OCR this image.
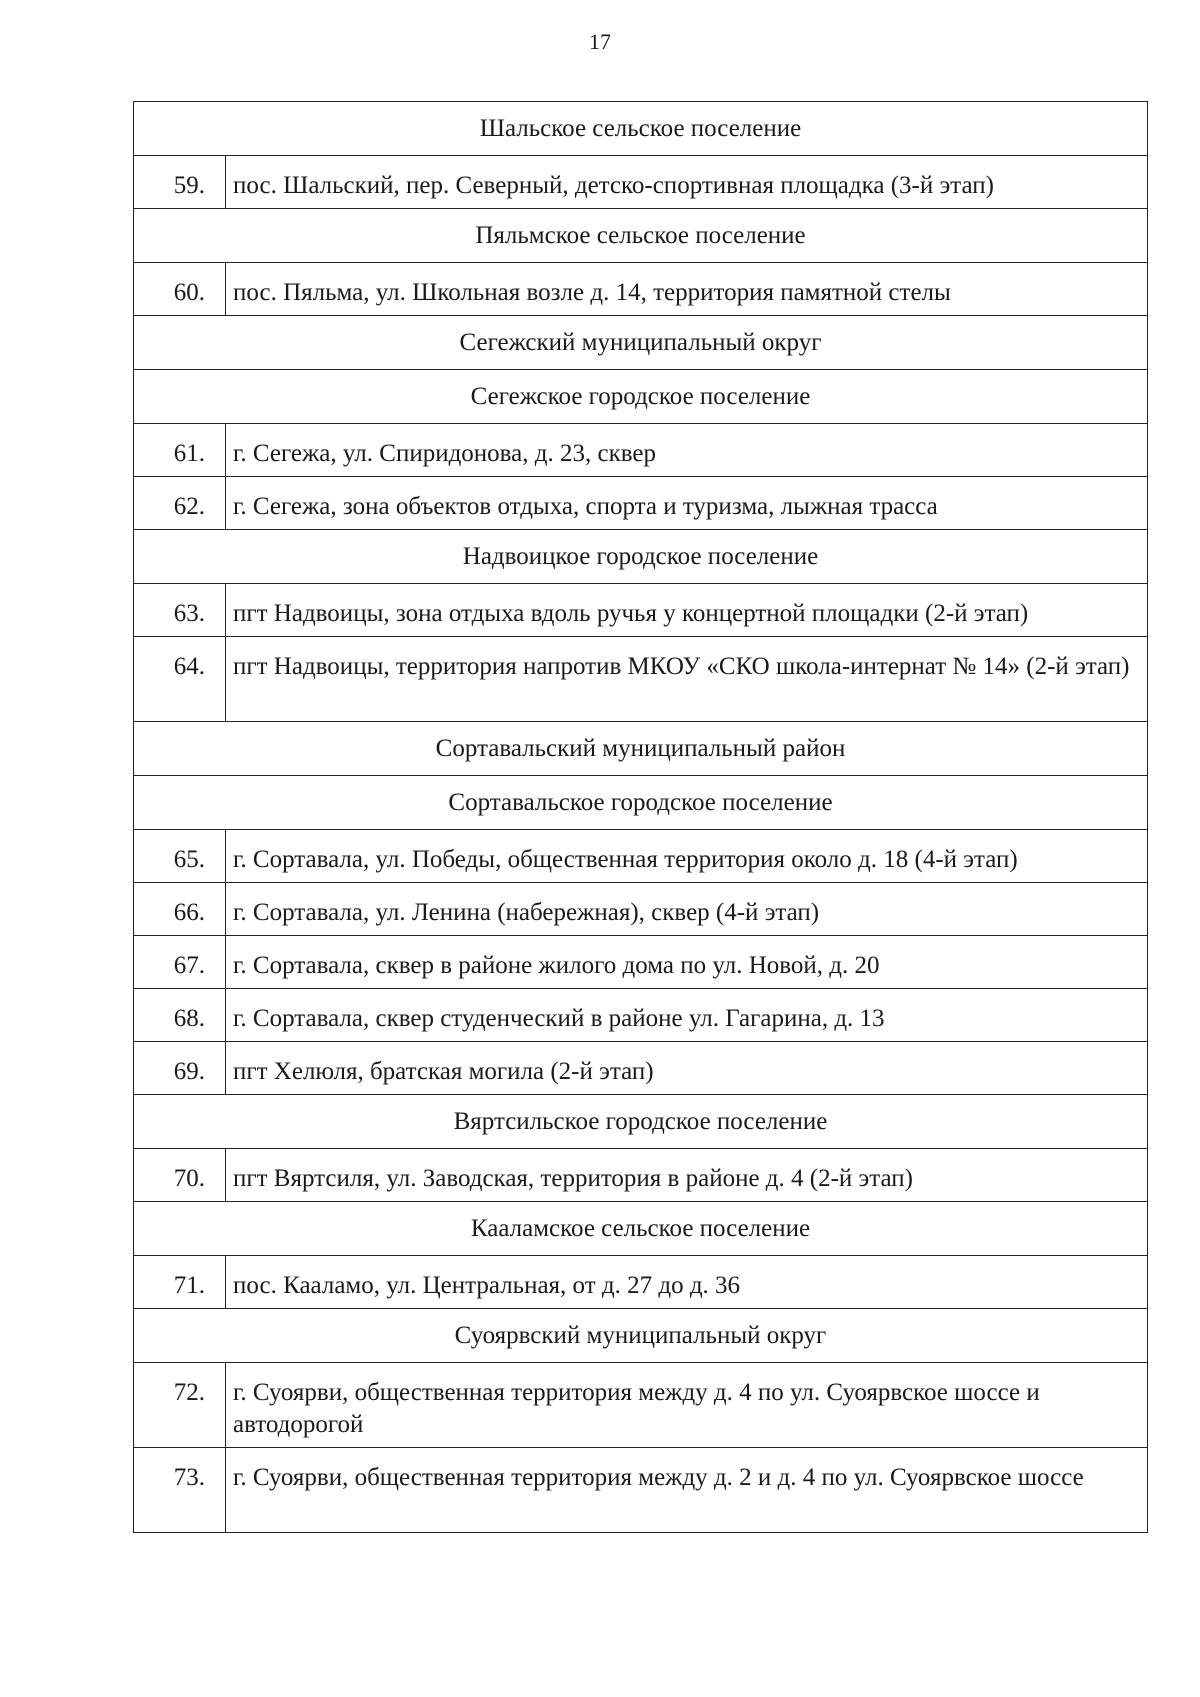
17
Шальское сельское поселение	
59.	пос. Шальский, пер. Северный, детско-спортивная площадка (3-й этап)
Пяльмское сельское поселение	
60.	пос. Пяльма, ул. Школьная возле д. 14, территория памятной стелы
Сегежский муниципальный округ	
Сегежское городское поселение	
61.	г. Сегежа, ул. Спиридонова, д. 23, сквер
62.	г. Сегежа, зона объектов отдыха, спорта и туризма, лыжная трасса
Надвоицкое городское поселение	
63.	пгт Надвоицы, зона отдыха вдоль ручья у концертной площадки (2-й этап)
64.	пгт Надвоицы, территория напротив МКОУ «СКО школа-интернат № 14» (2-й этап)
Сортавальский муниципальный район	
Сортавальское городское поселение	
65.	г. Сортавала, ул. Победы, общественная территория около д. 18 (4-й этап)
66.	г. Сортавала, ул. Ленина (набережная), сквер (4-й этап)
67.	г. Сортавала, сквер в районе жилого дома по ул. Новой, д. 20
68.	г. Сортавала, сквер студенческий в районе ул. Гагарина, д. 13
69.	пгт Хелюля, братская могила (2-й этап)
Вяртсильское городское поселение	
70.	пгт Вяртсиля, ул. Заводская, территория в районе д. 4 (2-й этап)
Кааламское сельское поселение	
71.	пос. Кааламо, ул. Центральная, от д. 27 до д. 36
Суоярвский муниципальный округ	
72.	г. Суоярви, общественная территория между д. 4 по ул. Суоярвское шоссе и автодорогой
73.	г. Суоярви, общественная территория между д. 2 и д. 4 по ул. Суоярвское шоссе
